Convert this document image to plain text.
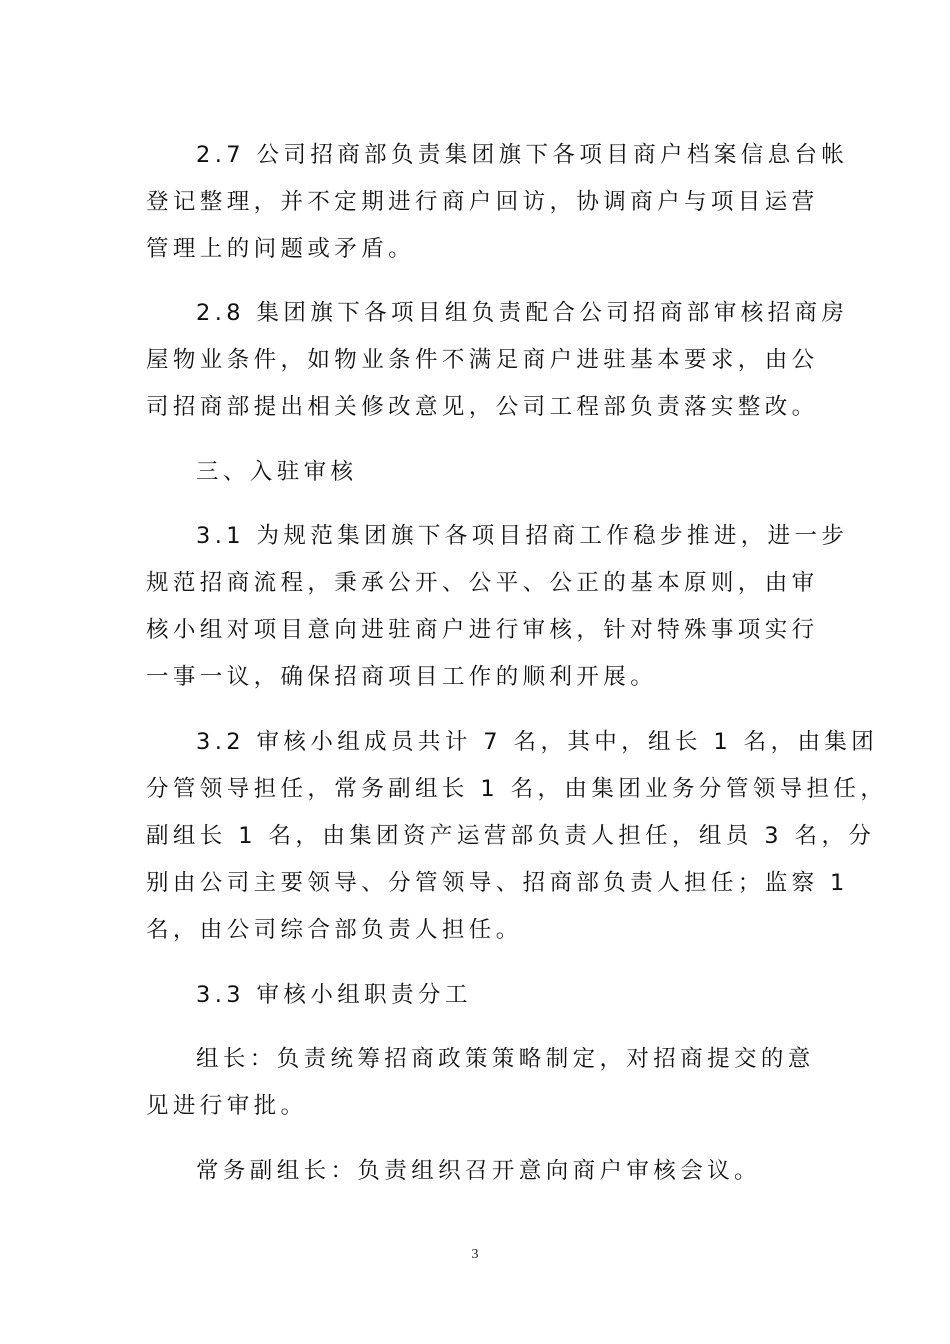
2.7 公司招商部负责集团旗下各项目商户档案信息台帐
登记整理，并不定期进行商户回访，协调商户与项目运营
管理上的问题或矛盾。
2.8 集团旗下各项目组负责配合公司招商部审核招商房
屋物业条件，如物业条件不满足商户进驻基本要求，由公
司招商部提出相关修改意见，公司工程部负责落实整改。
三、入驻审核
3.1 为规范集团旗下各项目招商工作稳步推进，进一步
规范招商流程，秉承公开、公平、公正的基本原则，由审
核小组对项目意向进驻商户进行审核，针对特殊事项实行
一事一议，确保招商项目工作的顺利开展。
3.2 审核小组成员共计 7 名，其中，组长 1 名，由集团
分管领导担任，常务副组长 1 名，由集团业务分管领导担任，
副组长 1 名，由集团资产运营部负责人担任，组员 3 名，分
别由公司主要领导、分管领导、招商部负责人担任；监察 1
名，由公司综合部负责人担任。
3.3 审核小组职责分工
组长：负责统筹招商政策策略制定，对招商提交的意
见进行审批。
常务副组长：负责组织召开意向商户审核会议。
3
